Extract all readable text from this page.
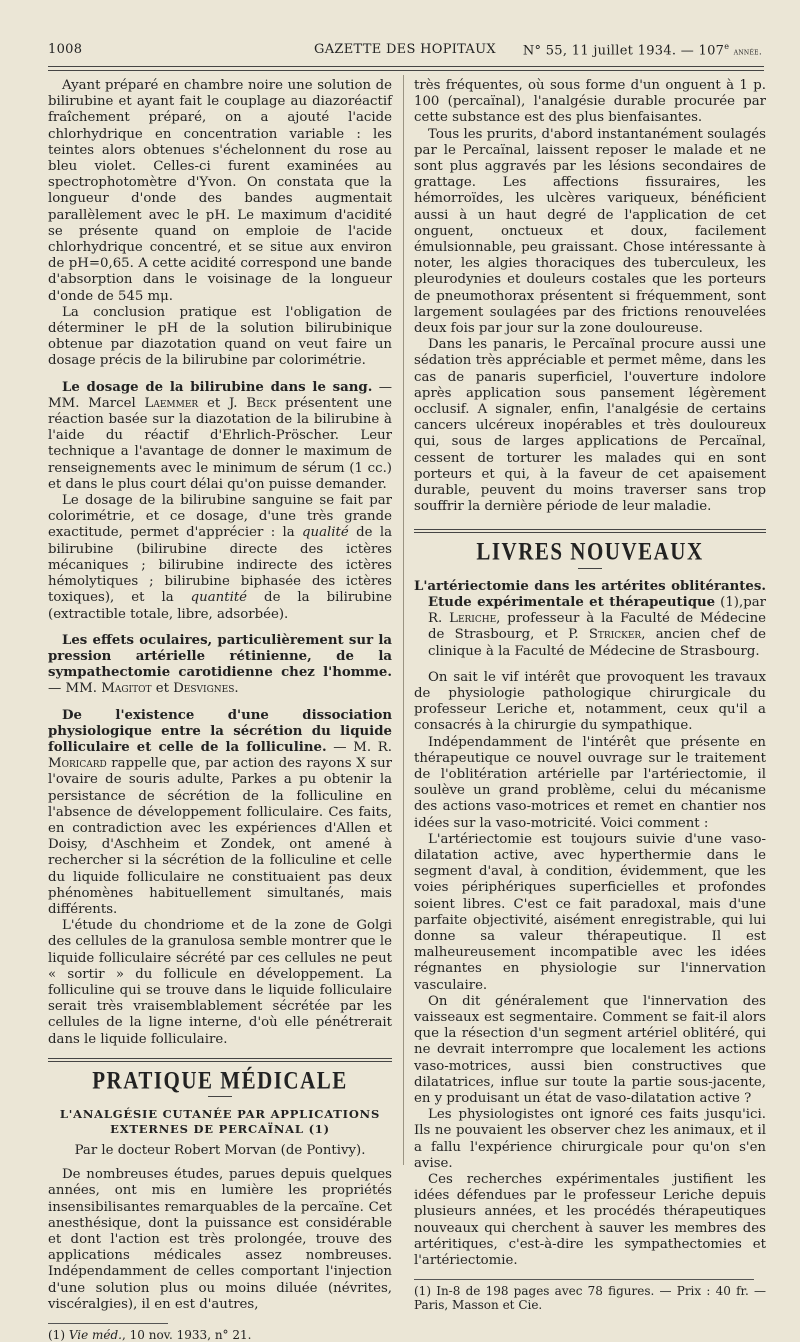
1008	GAZETTE DES HOPITAUX	N° 55, 11 juillet 1934. — 107e année.

Ayant préparé en chambre noire une solution de bilirubine et ayant fait le couplage au diazoréactif fraîchement préparé, on a ajouté l'acide chlorhydrique en concentration variable : les teintes alors obtenues s'échelonnent du rose au bleu violet. Celles-ci furent examinées au spectrophotomètre d'Yvon. On constata que la longueur d'onde des bandes augmentait parallèlement avec le pH. Le maximum d'acidité se présente quand on emploie de l'acide chlorhydrique concentré, et se situe aux environ de pH=0,65. A cette acidité correspond une bande d'absorption dans le voisinage de la longueur d'onde de 545 mμ.

La conclusion pratique est l'obligation de déterminer le pH de la solution bilirubinique obtenue par diazotation quand on veut faire un dosage précis de la bilirubine par colorimétrie.

Le dosage de la bilirubine dans le sang. — MM. Marcel Laemmer et J. Beck présentent une réaction basée sur la diazotation de la bilirubine à l'aide du réactif d'Ehrlich-Pröscher. Leur technique a l'avantage de donner le maximum de renseignements avec le minimum de sérum (1 cc.) et dans le plus court délai qu'on puisse demander.

Le dosage de la bilirubine sanguine se fait par colorimétrie, et ce dosage, d'une très grande exactitude, permet d'apprécier : la qualité de la bilirubine (bilirubine directe des ictères mécaniques ; bilirubine indirecte des ictères hémolytiques ; bilirubine biphasée des ictères toxiques), et la quantité de la bilirubine (extractible totale, libre, adsorbée).

Les effets oculaires, particulièrement sur la pression artérielle rétinienne, de la sympathectomie carotidienne chez l'homme. — MM. Magitot et Desvignes.

De l'existence d'une dissociation physiologique entre la sécrétion du liquide folliculaire et celle de la folliculine. — M. R. Moricard rappelle que, par action des rayons X sur l'ovaire de souris adulte, Parkes a pu obtenir la persistance de sécrétion de la folliculine en l'absence de développement folliculaire. Ces faits, en contradiction avec les expériences d'Allen et Doisy, d'Aschheim et Zondek, ont amené à rechercher si la sécrétion de la folliculine et celle du liquide folliculaire ne constituaient pas deux phénomènes habituellement simultanés, mais différents.

L'étude du chondriome et de la zone de Golgi des cellules de la granulosa semble montrer que le liquide folliculaire sécrété par ces cellules ne peut « sortir » du follicule en développement. La folliculine qui se trouve dans le liquide folliculaire serait très vraisemblablement sécrétée par les cellules de la ligne interne, d'où elle pénétrerait dans le liquide folliculaire.

PRATIQUE MÉDICALE
L'ANALGÉSIE CUTANÉE PAR APPLICATIONS EXTERNES DE PERCAÏNAL (1)
Par le docteur Robert Morvan (de Pontivy).

De nombreuses études, parues depuis quelques années, ont mis en lumière les propriétés insensibilisantes remarquables de la percaïne. Cet anesthésique, dont la puissance est considérable et dont l'action est très prolongée, trouve des applications médicales assez nombreuses. Indépendamment de celles comportant l'injection d'une solution plus ou moins diluée (névrites, viscéralgies), il en est d'autres,

(1) Vie méd., 10 nov. 1933, n° 21.

très fréquentes, où sous forme d'un onguent à 1 p. 100 (percaïnal), l'analgésie durable procurée par cette substance est des plus bienfaisantes.

Tous les prurits, d'abord instantanément soulagés par le Percaïnal, laissent reposer le malade et ne sont plus aggravés par les lésions secondaires de grattage. Les affections fissuraires, les hémorroïdes, les ulcères variqueux, bénéficient aussi à un haut degré de l'application de cet onguent, onctueux et doux, facilement émulsionnable, peu graissant. Chose intéressante à noter, les algies thoraciques des tuberculeux, les pleurodynies et douleurs costales que les porteurs de pneumothorax présentent si fréquemment, sont largement soulagées par des frictions renouvelées deux fois par jour sur la zone douloureuse.

Dans les panaris, le Percaïnal procure aussi une sédation très appréciable et permet même, dans les cas de panaris superficiel, l'ouverture indolore après application sous pansement légèrement occlusif. A signaler, enfin, l'analgésie de certains cancers ulcéreux inopérables et très douloureux qui, sous de larges applications de Percaïnal, cessent de torturer les malades qui en sont porteurs et qui, à la faveur de cet apaisement durable, peuvent du moins traverser sans trop souffrir la dernière période de leur maladie.

LIVRES NOUVEAUX

L'artériectomie dans les artérites oblitérantes. Etude expérimentale et thérapeutique (1),par R. Leriche, professeur à la Faculté de Médecine de Strasbourg, et P. Stricker, ancien chef de clinique à la Faculté de Médecine de Strasbourg.

On sait le vif intérêt que provoquent les travaux de physiologie pathologique chirurgicale du professeur Leriche et, notamment, ceux qu'il a consacrés à la chirurgie du sympathique.

Indépendamment de l'intérêt que présente en thérapeutique ce nouvel ouvrage sur le traitement de l'oblitération artérielle par l'artériectomie, il soulève un grand problème, celui du mécanisme des actions vaso-motrices et remet en chantier nos idées sur la vaso-motricité. Voici comment :

L'artériectomie est toujours suivie d'une vaso-dilatation active, avec hyperthermie dans le segment d'aval, à condition, évidemment, que les voies périphériques superficielles et profondes soient libres. C'est ce fait paradoxal, mais d'une parfaite objectivité, aisément enregistrable, qui lui donne sa valeur thérapeutique. Il est malheureusement incompatible avec les idées régnantes en physiologie sur l'innervation vasculaire.

On dit généralement que l'innervation des vaisseaux est segmentaire. Comment se fait-il alors que la résection d'un segment artériel oblitéré, qui ne devrait interrompre que localement les actions vaso-motrices, aussi bien constructives que dilatatrices, influe sur toute la partie sous-jacente, en y produisant un état de vaso-dilatation active ?

Les physiologistes ont ignoré ces faits jusqu'ici. Ils ne pouvaient les observer chez les animaux, et il a fallu l'expérience chirurgicale pour qu'on s'en avise.

Ces recherches expérimentales justifient les idées défendues par le professeur Leriche depuis plusieurs années, et les procédés thérapeutiques nouveaux qui cherchent à sauver les membres des artéritiques, c'est-à-dire les sympathectomies et l'artériectomie.

(1) In-8 de 198 pages avec 78 figures. — Prix : 40 fr. — Paris, Masson et Cie.
